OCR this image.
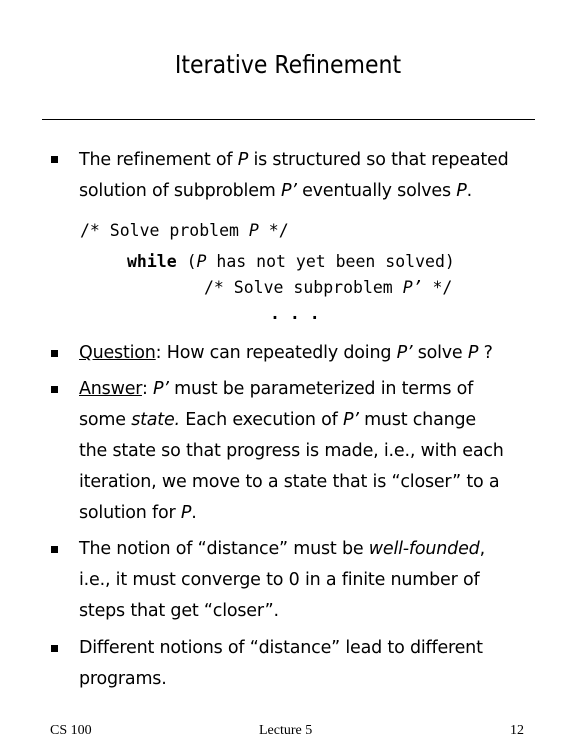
Iterative Refinement
The refinement of P is structured so that repeated
solution of subproblem P’ eventually solves P.
/* Solve problem P */
while (P has not yet been solved)
/* Solve subproblem P’ */
. . .
Question: How can repeatedly doing P’ solve P ?
Answer: P’ must be parameterized in terms of
some state. Each execution of P’ must change
the state so that progress is made, i.e., with each
iteration, we move to a state that is “closer” to a
solution for P.
The notion of “distance” must be well-founded,
i.e., it must converge to 0 in a finite number of
steps that get “closer”.
Different notions of “distance” lead to different
programs.
CS 100	Lecture 5	12
